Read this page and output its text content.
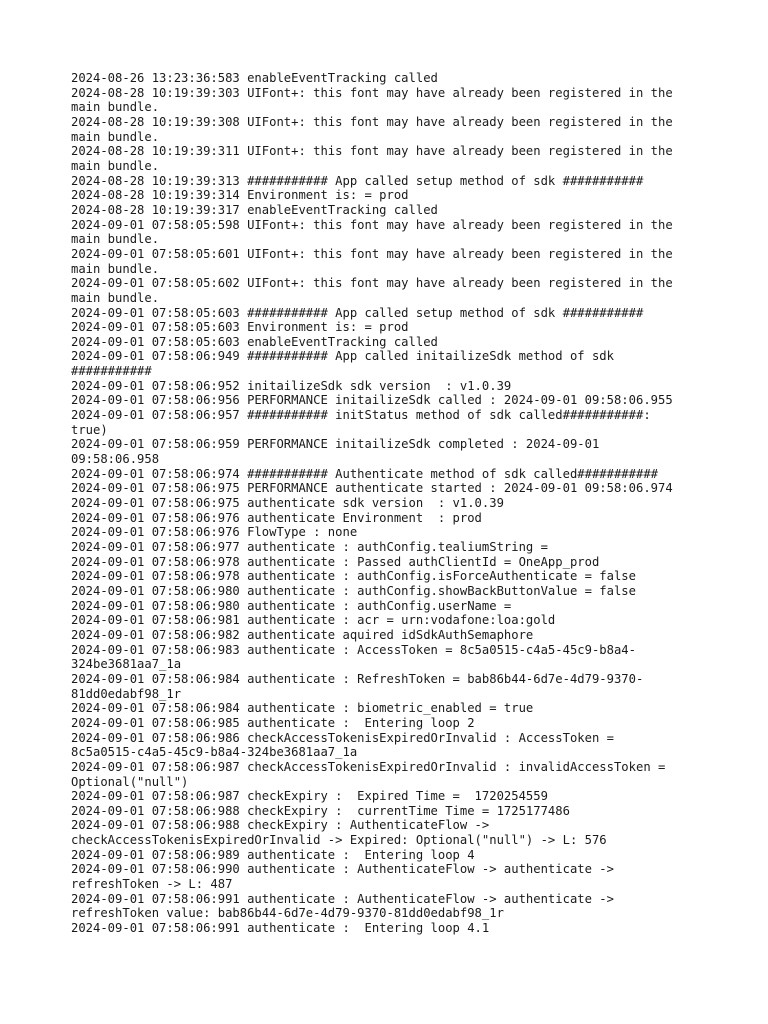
2024-08-26 13:23:36:583 enableEventTracking called
2024-08-28 10:19:39:303 UIFont+: this font may have already been registered in the
main bundle.
2024-08-28 10:19:39:308 UIFont+: this font may have already been registered in the
main bundle.
2024-08-28 10:19:39:311 UIFont+: this font may have already been registered in the
main bundle.
2024-08-28 10:19:39:313 ########### App called setup method of sdk ###########
2024-08-28 10:19:39:314 Environment is: = prod
2024-08-28 10:19:39:317 enableEventTracking called
2024-09-01 07:58:05:598 UIFont+: this font may have already been registered in the
main bundle.
2024-09-01 07:58:05:601 UIFont+: this font may have already been registered in the
main bundle.
2024-09-01 07:58:05:602 UIFont+: this font may have already been registered in the
main bundle.
2024-09-01 07:58:05:603 ########### App called setup method of sdk ###########
2024-09-01 07:58:05:603 Environment is: = prod
2024-09-01 07:58:05:603 enableEventTracking called
2024-09-01 07:58:06:949 ########### App called initailizeSdk method of sdk
###########
2024-09-01 07:58:06:952 initailizeSdk sdk version  : v1.0.39
2024-09-01 07:58:06:956 PERFORMANCE initailizeSdk called : 2024-09-01 09:58:06.955
2024-09-01 07:58:06:957 ########### initStatus method of sdk called###########:
true)
2024-09-01 07:58:06:959 PERFORMANCE initailizeSdk completed : 2024-09-01
09:58:06.958
2024-09-01 07:58:06:974 ########### Authenticate method of sdk called###########
2024-09-01 07:58:06:975 PERFORMANCE authenticate started : 2024-09-01 09:58:06.974
2024-09-01 07:58:06:975 authenticate sdk version  : v1.0.39
2024-09-01 07:58:06:976 authenticate Environment  : prod
2024-09-01 07:58:06:976 FlowType : none
2024-09-01 07:58:06:977 authenticate : authConfig.tealiumString =
2024-09-01 07:58:06:978 authenticate : Passed authClientId = OneApp_prod
2024-09-01 07:58:06:978 authenticate : authConfig.isForceAuthenticate = false
2024-09-01 07:58:06:980 authenticate : authConfig.showBackButtonValue = false
2024-09-01 07:58:06:980 authenticate : authConfig.userName =
2024-09-01 07:58:06:981 authenticate : acr = urn:vodafone:loa:gold
2024-09-01 07:58:06:982 authenticate aquired idSdkAuthSemaphore
2024-09-01 07:58:06:983 authenticate : AccessToken = 8c5a0515-c4a5-45c9-b8a4-
324be3681aa7_1a
2024-09-01 07:58:06:984 authenticate : RefreshToken = bab86b44-6d7e-4d79-9370-
81dd0edabf98_1r
2024-09-01 07:58:06:984 authenticate : biometric_enabled = true
2024-09-01 07:58:06:985 authenticate :  Entering loop 2
2024-09-01 07:58:06:986 checkAccessTokenisExpiredOrInvalid : AccessToken =
8c5a0515-c4a5-45c9-b8a4-324be3681aa7_1a
2024-09-01 07:58:06:987 checkAccessTokenisExpiredOrInvalid : invalidAccessToken =
Optional("null")
2024-09-01 07:58:06:987 checkExpiry :  Expired Time =  1720254559
2024-09-01 07:58:06:988 checkExpiry :  currentTime Time = 1725177486
2024-09-01 07:58:06:988 checkExpiry : AuthenticateFlow ->
checkAccessTokenisExpiredOrInvalid -> Expired: Optional("null") -> L: 576
2024-09-01 07:58:06:989 authenticate :  Entering loop 4
2024-09-01 07:58:06:990 authenticate : AuthenticateFlow -> authenticate ->
refreshToken -> L: 487
2024-09-01 07:58:06:991 authenticate : AuthenticateFlow -> authenticate ->
refreshToken value: bab86b44-6d7e-4d79-9370-81dd0edabf98_1r
2024-09-01 07:58:06:991 authenticate :  Entering loop 4.1
